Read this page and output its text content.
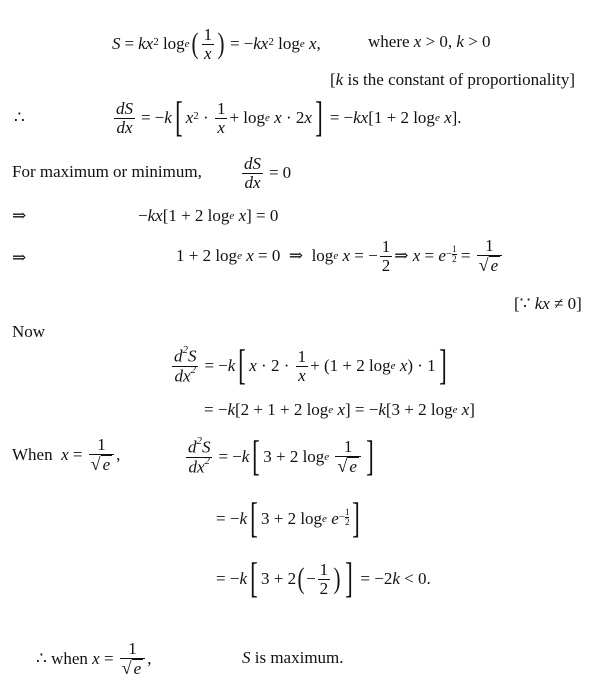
S = kx 2 log e ( $\frac{1}{x}$ ) = − kx 2 log e
x ,	where x > 0, k > 0
[ k is the constant of proportionality]
∴	$\frac{dS}{dx}$ = − k [ x $2 \cdot \frac{1}{x} + \log e$
x · 2 x ] = − kx [1 + 2 log e
x ].
For maximum or minimum, $\frac{dS}{dx} = 0$
⇒	− kx [1 + 2 log e
x ] = 0
⇒	1 + 2 log e
x = 0  ⇒  log e
x = − $\frac{1}{2}$ ⇒ $x = e - \frac{1}{2} = \frac{1}{√ e}$
[∵ kx ≠ 0]
Now
$\frac{d^2S}{dx^2}$ = − k [ $x \cdot 2 \cdot \frac{1}{x} + (1 + 2$ log e
x ) · 1 ]
= − k [2 + 1 + 2 log e
x ] = − k [3 + 2 log e
x ]
When
$x = \frac{1}{√ e}$ ,	$\frac{d^2S}{dx^2}$ = − k [ 3 + 2 log e
$\frac{1}{√ e}$ ]
= − k [ 3 + 2 log e
$e - \frac{1}{2}$ ]
= − k [ 3 + 2 ( − $\frac{1}{2}$ ) ] = −2 k < 0.
∴ when
$x = \frac{1}{√ e}$ ,	S is maximum.
